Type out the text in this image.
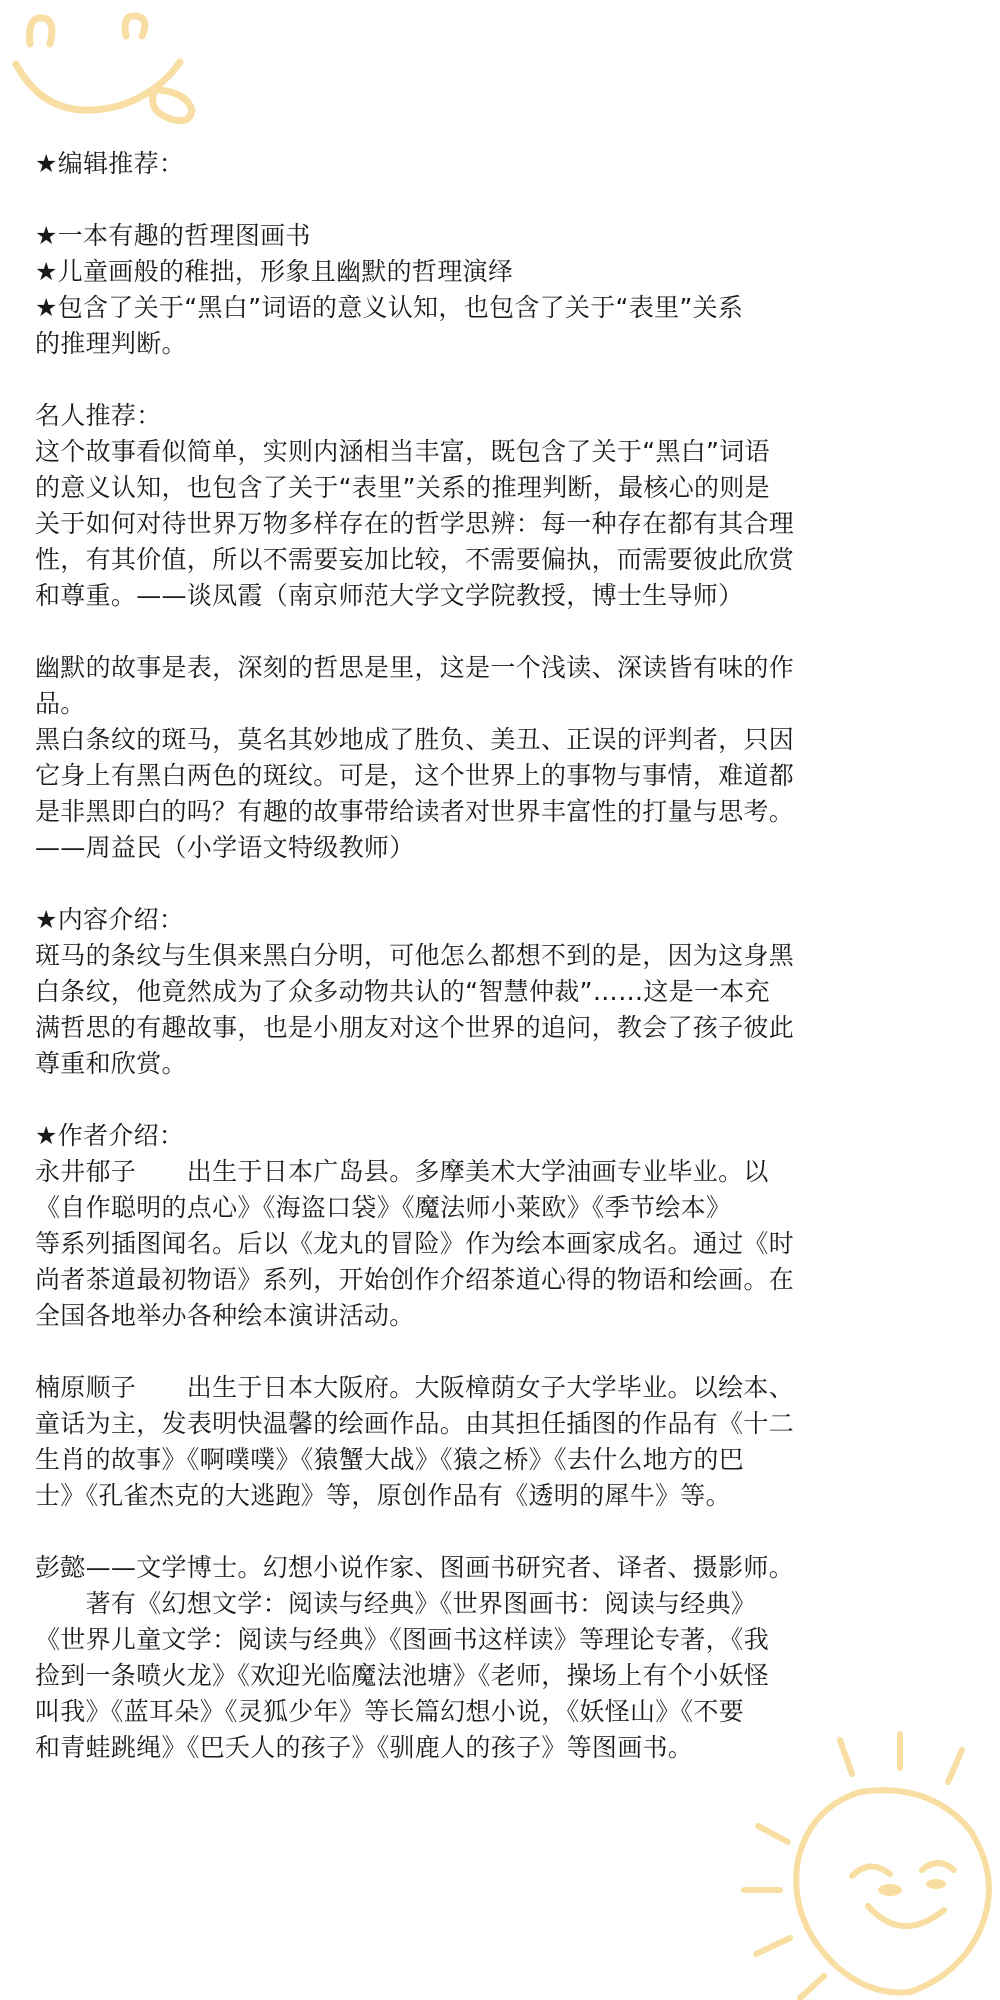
★编辑推荐：

★一本有趣的哲理图画书

★儿童画般的稚拙，形象且幽默的哲理演绎

★包含了关于“黑白”词语的意义认知，也包含了关于“表里”关系
的推理判断。

名人推荐：

这个故事看似简单，实则内涵相当丰富，既包含了关于“黑白”词语
的意义认知，也包含了关于“表里”关系的推理判断，最核心的则是
关于如何对待世界万物多样存在的哲学思辨：每一种存在都有其合理
性，有其价值，所以不需要妄加比较，不需要偏执，而需要彼此欣赏
和尊重。——谈凤霞（南京师范大学文学院教授，博士生导师）

幽默的故事是表，深刻的哲思是里，这是一个浅读、深读皆有味的作
品。

黑白条纹的斑马，莫名其妙地成了胜负、美丑、正误的评判者，只因
它身上有黑白两色的斑纹。可是，这个世界上的事物与事情，难道都
是非黑即白的吗？有趣的故事带给读者对世界丰富性的打量与思考。
——周益民（小学语文特级教师）

★内容介绍：

斑马的条纹与生俱来黑白分明，可他怎么都想不到的是，因为这身黑
白条纹，他竟然成为了众多动物共认的“智慧仲裁”……这是一本充
满哲思的有趣故事，也是小朋友对这个世界的追问，教会了孩子彼此
尊重和欣赏。

★作者介绍：

永井郁子　　出生于日本广岛县。多摩美术大学油画专业毕业。以
《自作聪明的点心》《海盗口袋》《魔法师小莱欧》《季节绘本》
等系列插图闻名。后以《龙丸的冒险》作为绘本画家成名。通过《时
尚者茶道最初物语》系列，开始创作介绍茶道心得的物语和绘画。在
全国各地举办各种绘本演讲活动。

楠原顺子　　出生于日本大阪府。大阪樟荫女子大学毕业。以绘本、
童话为主，发表明快温馨的绘画作品。由其担任插图的作品有《十二
生肖的故事》《啊噗噗》《猿蟹大战》《猿之桥》《去什么地方的巴
士》《孔雀杰克的大逃跑》等，原创作品有《透明的犀牛》等。

彭懿——文学博士。幻想小说作家、图画书研究者、译者、摄影师。
　　著有《幻想文学：阅读与经典》《世界图画书：阅读与经典》
《世界儿童文学：阅读与经典》《图画书这样读》等理论专著，《我
捡到一条喷火龙》《欢迎光临魔法池塘》《老师，操场上有个小妖怪
叫我》《蓝耳朵》《灵狐少年》等长篇幻想小说，《妖怪山》《不要
和青蛙跳绳》《巴夭人的孩子》《驯鹿人的孩子》等图画书。
